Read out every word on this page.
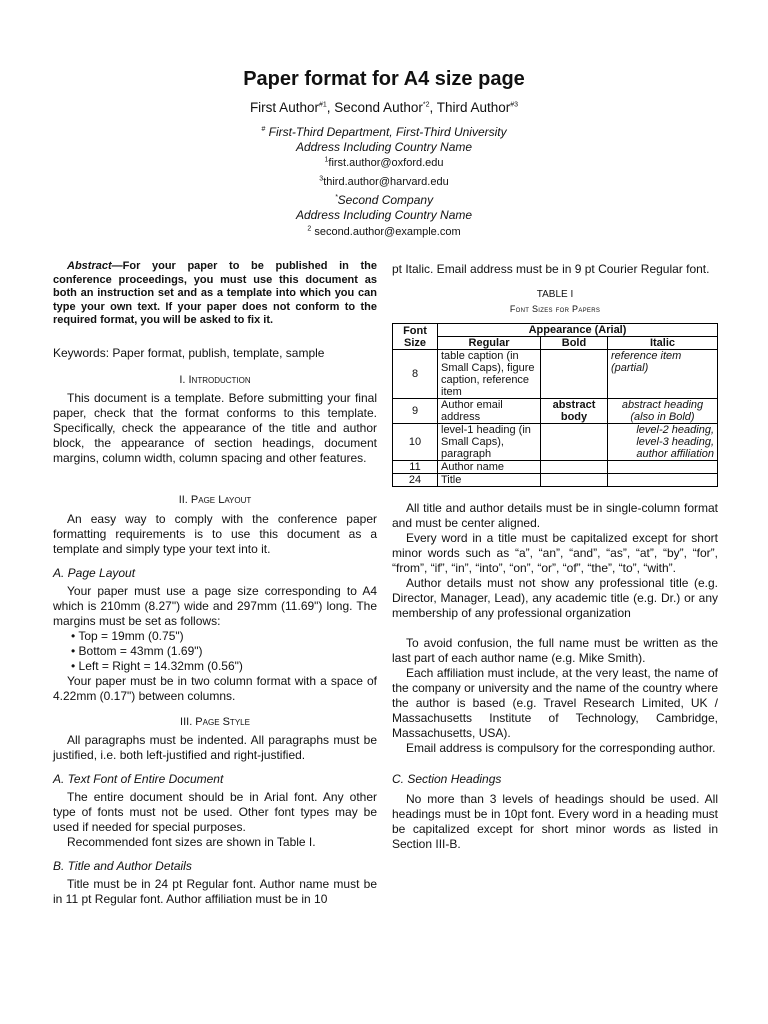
Paper format for A4 size page
First Author$^{\#1}$, Second Author$^{*2}$, Third Author$^{\#3}$
# First-Third Department, First-Third University
Address Including Country Name
$^1$first.author@oxford.edu
$^3$third.author@harvard.edu
*Second Company
Address Including Country Name
$^2$ second.author@example.com

Abstract—For your paper to be published in the conference proceedings, you must use this document as both an instruction set and as a template into which you can type your own text. If your paper does not conform to the required format, you will be asked to fix it.

Keywords: Paper format, publish, template, sample

I. Introduction

This document is a template. Before submitting your final paper, check that the format conforms to this template. Specifically, check the appearance of the title and author block, the appearance of section headings, document margins, column width, column spacing and other features.

II. Page Layout

An easy way to comply with the conference paper formatting requirements is to use this document as a template and simply type your text into it.

A. Page Layout

Your paper must use a page size corresponding to A4 which is 210mm (8.27") wide and 297mm (11.69") long. The margins must be set as follows:

• Top = 19mm (0.75")

• Bottom = 43mm (1.69")

• Left = Right = 14.32mm (0.56")

Your paper must be in two column format with a space of 4.22mm (0.17") between columns.

III. Page Style

All paragraphs must be indented. All paragraphs must be justified, i.e. both left-justified and right-justified.

A. Text Font of Entire Document

The entire document should be in Arial font. Any other type of fonts must not be used. Other font types may be used if needed for special purposes.

Recommended font sizes are shown in Table I.

B. Title and Author Details

Title must be in 24 pt Regular font. Author name must be in 11 pt Regular font. Author affiliation must be in 10

pt Italic. Email address must be in 9 pt Courier Regular font.

TABLE I

Font Sizes for Papers

Font Size	Appearance (Arial)		
	Regular	Bold	Italic
8	table caption (in Small Caps), figure caption, reference item		reference item (partial)
9	Author email address	abstract body	abstract heading (also in Bold)
10	level-1 heading (in Small Caps), paragraph		level-2 heading, level-3 heading, author affiliation
11	Author name		
24	Title		

All title and author details must be in single-column format and must be center aligned.

Every word in a title must be capitalized except for short minor words such as “a”, “an”, “and”, “as”, “at”, “by”, “for”, “from”, “if”, “in”, “into”, “on”, “or”, “of”, “the”, “to”, “with”.

Author details must not show any professional title (e.g. Director, Manager, Lead), any academic title (e.g. Dr.) or any membership of any professional organization

To avoid confusion, the full name must be written as the last part of each author name (e.g. Mike Smith).

Each affiliation must include, at the very least, the name of the company or university and the name of the country where the author is based (e.g. Travel Research Limited, UK / Massachusetts Institute of Technology, Cambridge, Massachusetts, USA).

Email address is compulsory for the corresponding author.

C. Section Headings

No more than 3 levels of headings should be used. All headings must be in 10pt font. Every word in a heading must be capitalized except for short minor words as listed in Section III-B.
